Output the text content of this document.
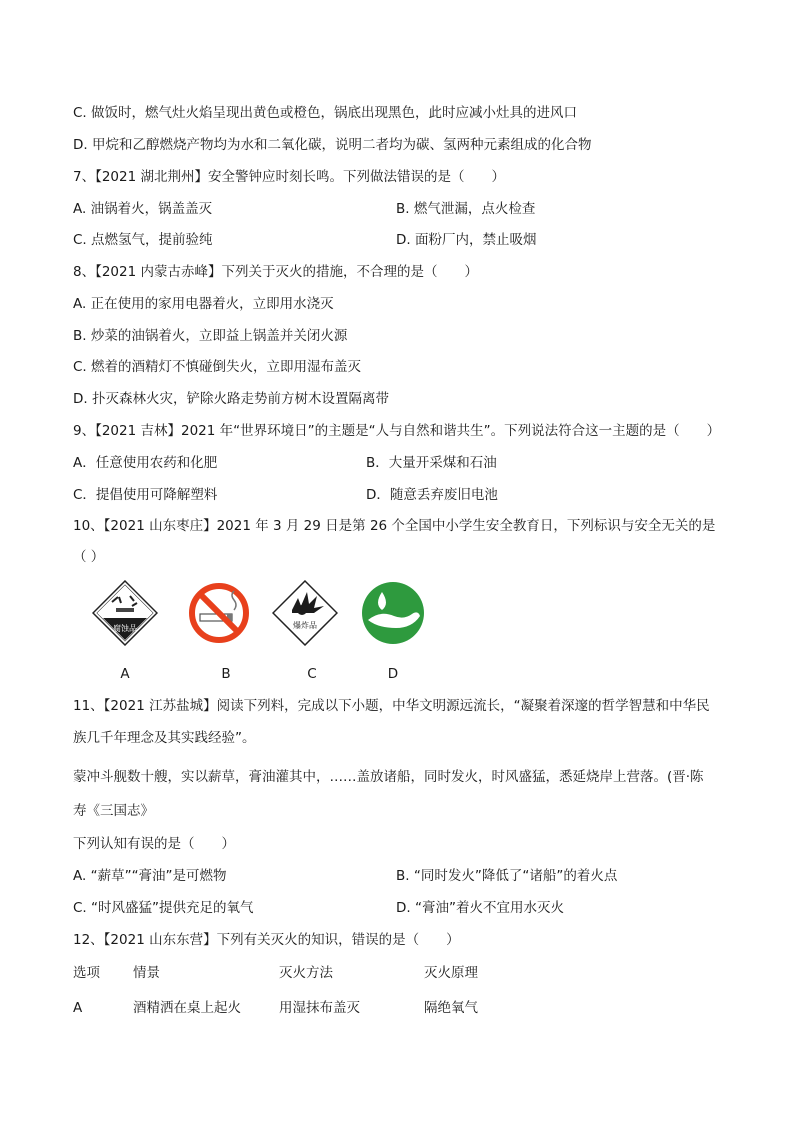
C. 做饭时，燃气灶火焰呈现出黄色或橙色，锅底出现黑色，此时应减小灶具的进风口
D. 甲烷和乙醇燃烧产物均为水和二氧化碳，说明二者均为碳、氢两种元素组成的化合物
7、【2021 湖北荆州】安全警钟应时刻长鸣。下列做法错误的是（　　）
A. 油锅着火，锅盖盖灭	B. 燃气泄漏，点火检查
C. 点燃氢气，提前验纯	D. 面粉厂内，禁止吸烟
8、【2021 内蒙古赤峰】下列关于灭火的措施，不合理的是（　　）
A. 正在使用的家用电器着火，立即用水浇灭
B. 炒菜的油锅着火，立即益上锅盖并关闭火源
C. 燃着的酒精灯不慎碰倒失火，立即用湿布盖灭
D. 扑灭森林火灾，铲除火路走势前方树木设置隔离带
9、【2021 吉林】2021 年“世界环境日”的主题是“人与自然和谐共生”。下列说法符合这一主题的是（　　）
A．任意使用农药和化肥	B．大量开采煤和石油
C．提倡使用可降解塑料	D．随意丢弃废旧电池
10、【2021 山东枣庄】2021 年 3 月 29 日是第 26 个全国中小学生安全教育日，下列标识与安全无关的是
（ ）
腐蚀品
A	B
爆炸品
C	D
11、【2021 江苏盐城】阅读下列料，完成以下小题，中华文明源远流长，“凝聚着深邃的哲学智慧和中华民
族几千年理念及其实践经验”。
蒙冲斗舰数十艘，实以薪草，膏油灌其中，……盖放诸船，同时发火，时风盛猛，悉延烧岸上营落。(晋·陈
寿《三国志》
下列认知有误的是（　　）
A. “薪草”“膏油”是可燃物	B. “同时发火”降低了“诸船”的着火点
C. “时风盛猛”提供充足的氧气	D. “膏油”着火不宜用水灭火
12、【2021 山东东营】下列有关灭火的知识，错误的是（　　）
选项 情景	灭火方法	灭火原理
A	酒精洒在桌上起火	用湿抹布盖灭	隔绝氧气
